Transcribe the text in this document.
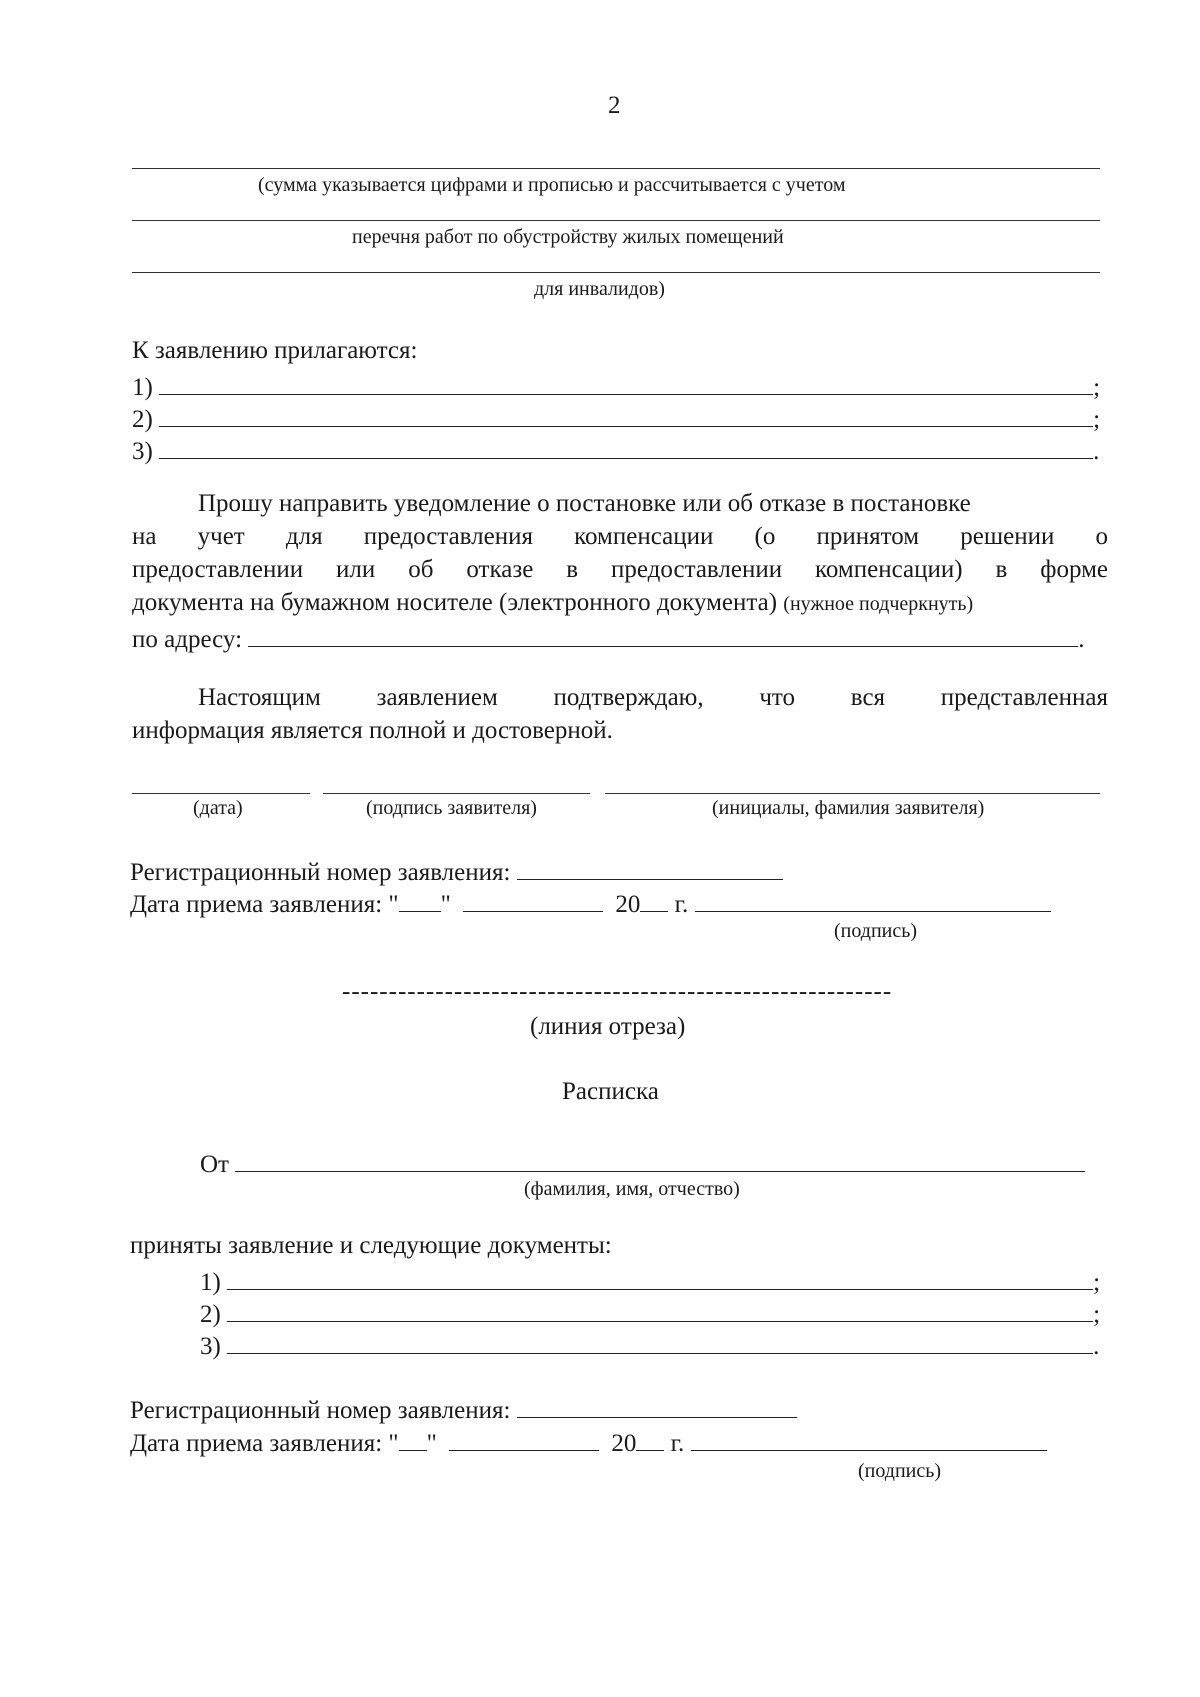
2
(сумма указывается цифрами и прописью и рассчитывается с учетом
перечня работ по обустройству жилых помещений
для инвалидов)
К заявлению прилагаются:
1)	;
2)	;
3)	.
Прошу направить уведомление о постановке или об отказе в постановке
на учет для предоставления компенсации (о принятом решении о
предоставлении или об отказе в предоставлении компенсации) в форме
документа на бумажном носителе (электронного документа) (нужное подчеркнуть)
по адресу:	.
Настоящим заявлением подтверждаю, что вся представленная
информация является полной и достоверной.
(дата)	(подпись заявителя)	(инициалы, фамилия заявителя)
Регистрационный номер заявления:
Дата приема заявления: " "	20 г.
(подпись)
-----------------------------------------------------------
(линия отреза)
Расписка
От
(фамилия, имя, отчество)
приняты заявление и следующие документы:
1)	;
2)	;
3)	.
Регистрационный номер заявления:
Дата приема заявления: " "	20 г.
(подпись)
